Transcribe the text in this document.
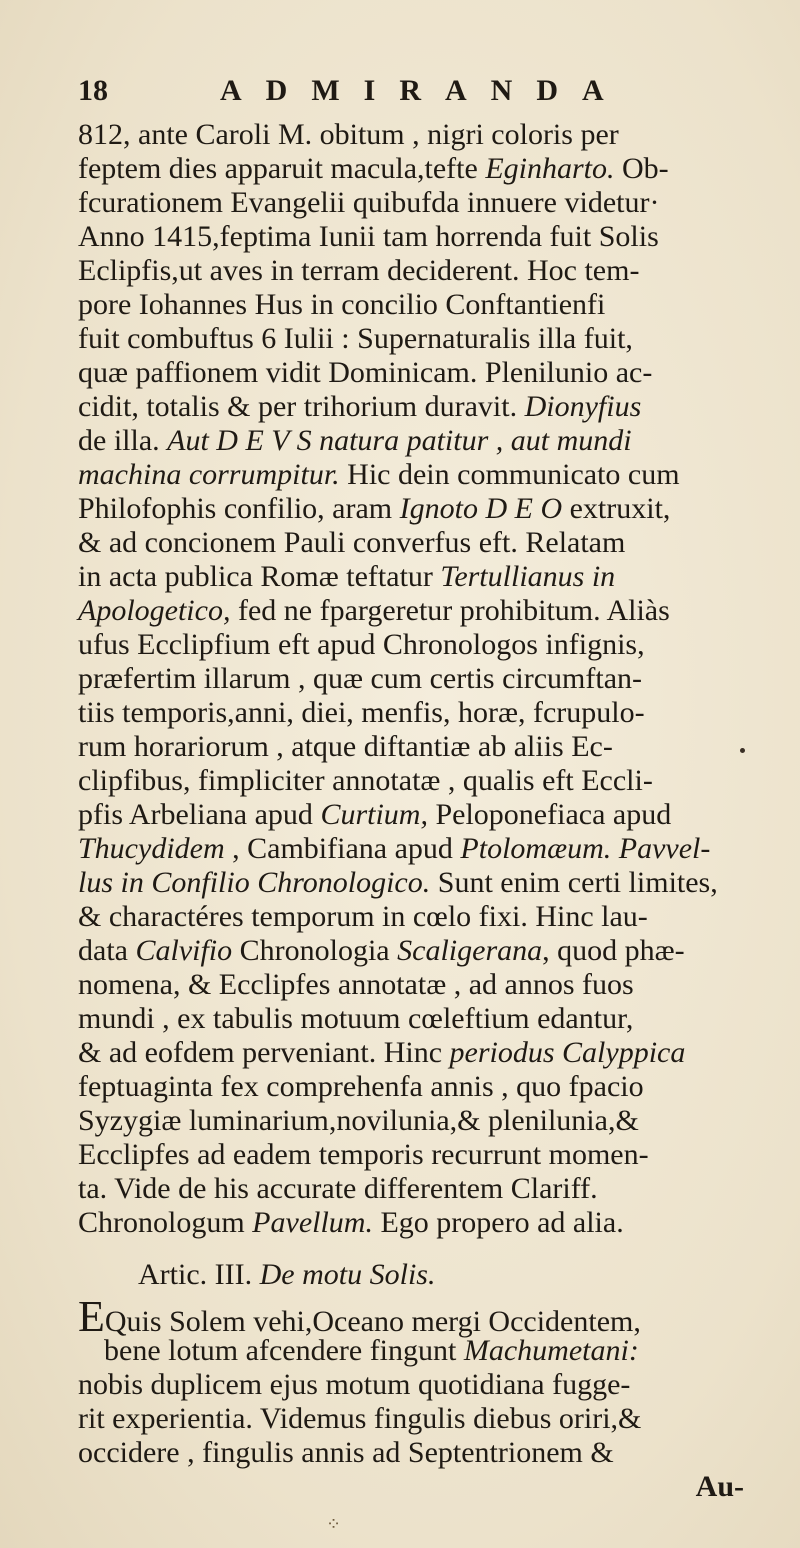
18	ADMIRANDA
812, ante Caroli M. obitum , nigri coloris per
feptem dies apparuit macula,tefte Eginharto. Ob-
fcurationem Evangelii quibufda innuere videtur·
Anno 1415,feptima Iunii tam horrenda fuit Solis
Eclipfis,ut aves in terram deciderent. Hoc tem-
pore Iohannes Hus in concilio Conftantienfi
fuit combuftus 6 Iulii : Supernaturalis illa fuit,
quæ paffionem vidit Dominicam. Plenilunio ac-
cidit, totalis & per trihorium duravit. Dionyfius
de illa. Aut D E V S natura patitur , aut mundi
machina corrumpitur. Hic dein communicato cum
Philofophis confilio, aram Ignoto D E O extruxit,
& ad concionem Pauli converfus eft. Relatam
in acta publica Romæ teftatur Tertullianus in
Apologetico, fed ne fpargeretur prohibitum. Aliàs
ufus Ecclipfium eft apud Chronologos infignis,
præfertim illarum , quæ cum certis circumftan-
tiis temporis,anni, diei, menfis, horæ, fcrupulo-
rum horariorum , atque diftantiæ ab aliis Ec-
clipfibus, fimpliciter annotatæ , qualis eft Eccli-
pfis Arbeliana apud Curtium, Peloponefiaca apud
Thucydidem , Cambifiana apud Ptolomæum. Pavvel-
lus in Confilio Chronologico. Sunt enim certi limites,
& charactéres temporum in cœlo fixi. Hinc lau-
data Calvifio Chronologia Scaligerana, quod phæ-
nomena, & Ecclipfes annotatæ , ad annos fuos
mundi , ex tabulis motuum cœleftium edantur,
& ad eofdem perveniant. Hinc periodus Calyppica
feptuaginta fex comprehenfa annis , quo fpacio
Syzygiæ luminarium,novilunia,& plenilunia,&
Ecclipfes ad eadem temporis recurrunt momen-
ta. Vide de his accurate differentem Clariff.
Chronologum Pavellum. Ego propero ad alia.
Artic. III. De motu Solis.
EQuis Solem vehi,Oceano mergi Occidentem,
bene lotum afcendere fingunt Machumetani:
nobis duplicem ejus motum quotidiana fugge-
rit experientia. Videmus fingulis diebus oriri,&
occidere , fingulis annis ad Septentrionem &
Au-
⁘
